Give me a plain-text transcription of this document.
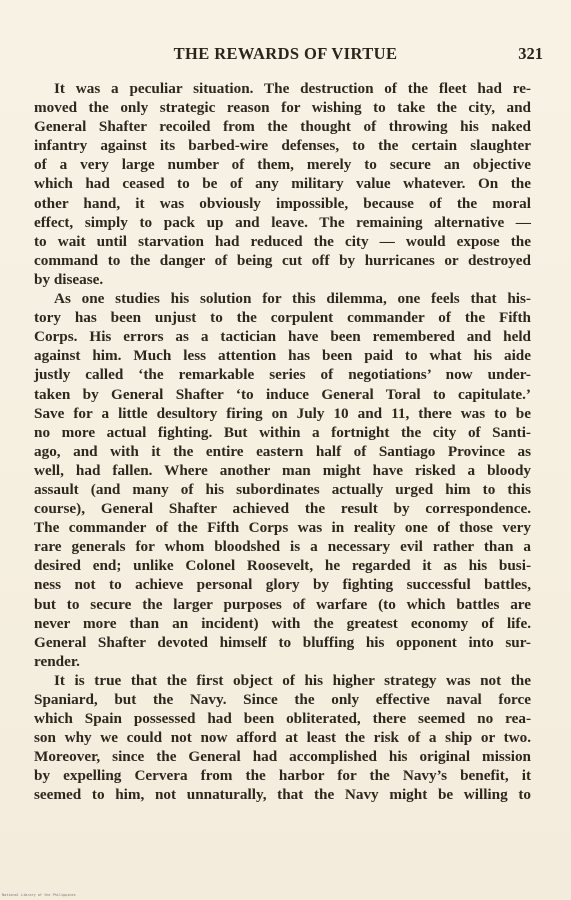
THE REWARDS OF VIRTUE	321
It was a peculiar situation. The destruction of the fleet had re-
moved the only strategic reason for wishing to take the city, and
General Shafter recoiled from the thought of throwing his naked
infantry against its barbed-wire defenses, to the certain slaughter
of a very large number of them, merely to secure an objective
which had ceased to be of any military value whatever. On the
other hand, it was obviously impossible, because of the moral
effect, simply to pack up and leave. The remaining alternative —
to wait until starvation had reduced the city — would expose the
command to the danger of being cut off by hurricanes or destroyed
by disease.
As one studies his solution for this dilemma, one feels that his-
tory has been unjust to the corpulent commander of the Fifth
Corps. His errors as a tactician have been remembered and held
against him. Much less attention has been paid to what his aide
justly called ‘the remarkable series of negotiations’ now under-
taken by General Shafter ‘to induce General Toral to capitulate.’
Save for a little desultory firing on July 10 and 11, there was to be
no more actual fighting. But within a fortnight the city of Santi-
ago, and with it the entire eastern half of Santiago Province as
well, had fallen. Where another man might have risked a bloody
assault (and many of his subordinates actually urged him to this
course), General Shafter achieved the result by correspondence.
The commander of the Fifth Corps was in reality one of those very
rare generals for whom bloodshed is a necessary evil rather than a
desired end; unlike Colonel Roosevelt, he regarded it as his busi-
ness not to achieve personal glory by fighting successful battles,
but to secure the larger purposes of warfare (to which battles are
never more than an incident) with the greatest economy of life.
General Shafter devoted himself to bluffing his opponent into sur-
render.
It is true that the first object of his higher strategy was not the
Spaniard, but the Navy. Since the only effective naval force
which Spain possessed had been obliterated, there seemed no rea-
son why we could not now afford at least the risk of a ship or two.
Moreover, since the General had accomplished his original mission
by expelling Cervera from the harbor for the Navy’s benefit, it
seemed to him, not unnaturally, that the Navy might be willing to
National Library of the Philippines
